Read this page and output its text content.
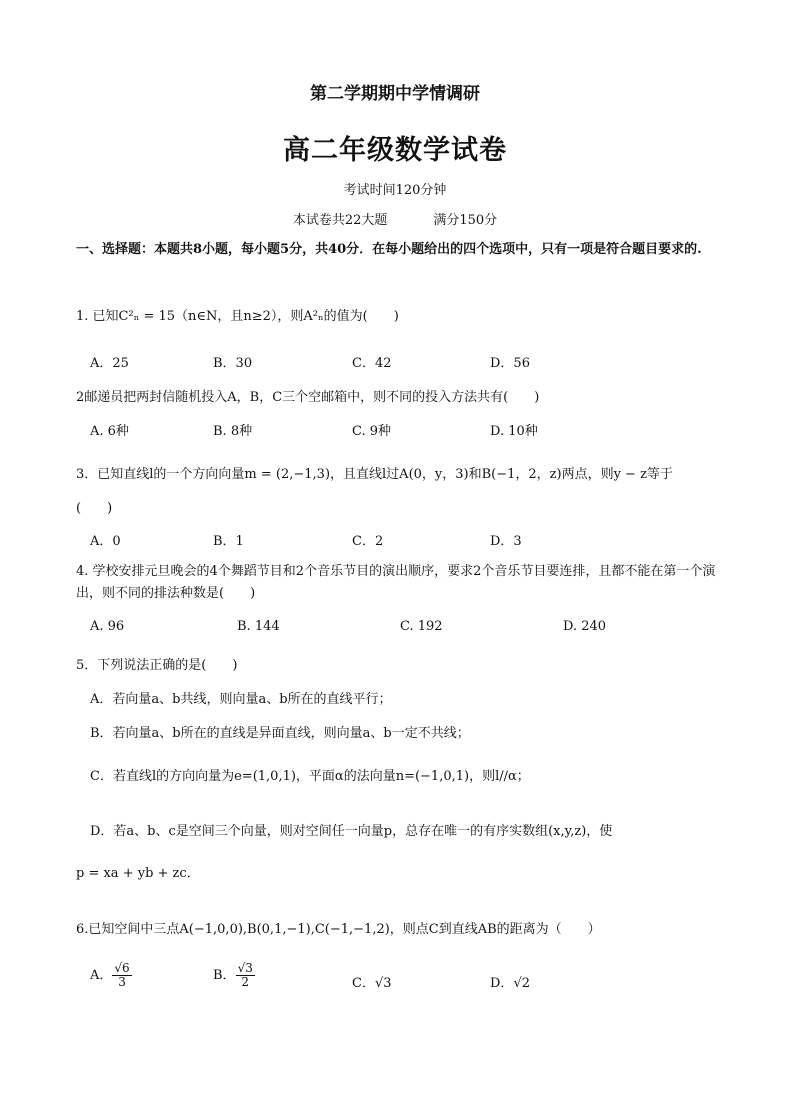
第二学期期中学情调研
高二年级数学试卷
考试时间120分钟
本试卷共22大题	满分150分
一、选择题：本题共8小题，每小题5分，共40分．在每小题给出的四个选项中，只有一项是符合题目要求的.
1. 已知C²ₙ = 15（n∈N，且n≥2），则A²ₙ的值为(　　)
A．25	B．30	C．42	D．56
2邮递员把两封信随机投入A，B，C三个空邮箱中，则不同的投入方法共有(　　)
A. 6种	B. 8种	C. 9种	D. 10种
3．已知直线l的一个方向向量m = (2,−1,3)，且直线l过A(0，y，3)和B(−1，2，z)两点，则y − z等于
(　　)
A．0	B．1	C．2	D．3
4. 学校安排元旦晚会的4个舞蹈节目和2个音乐节目的演出顺序，要求2个音乐节目要连排，且都不能在第一个演出，则不同的排法种数是(　　)
A. 96	B. 144	C. 192	D. 240
5．下列说法正确的是(　　)
A．若向量a、b共线，则向量a、b所在的直线平行；
B．若向量a、b所在的直线是异面直线，则向量a、b一定不共线；
C．若直线l的方向向量为e=(1,0,1)，平面α的法向量n=(−1,0,1)，则l//α；
D．若a、b、c是空间三个向量，则对空间任一向量p，总存在唯一的有序实数组(x,y,z)，使
p = xa + yb + zc．
6.已知空间中三点A(−1,0,0),B(0,1,−1),C(−1,−1,2)，则点C到直线AB的距离为（　　）
A． $\frac{√6}{3}$	B． $\frac{√3}{2}$	C．√3	D．√2
